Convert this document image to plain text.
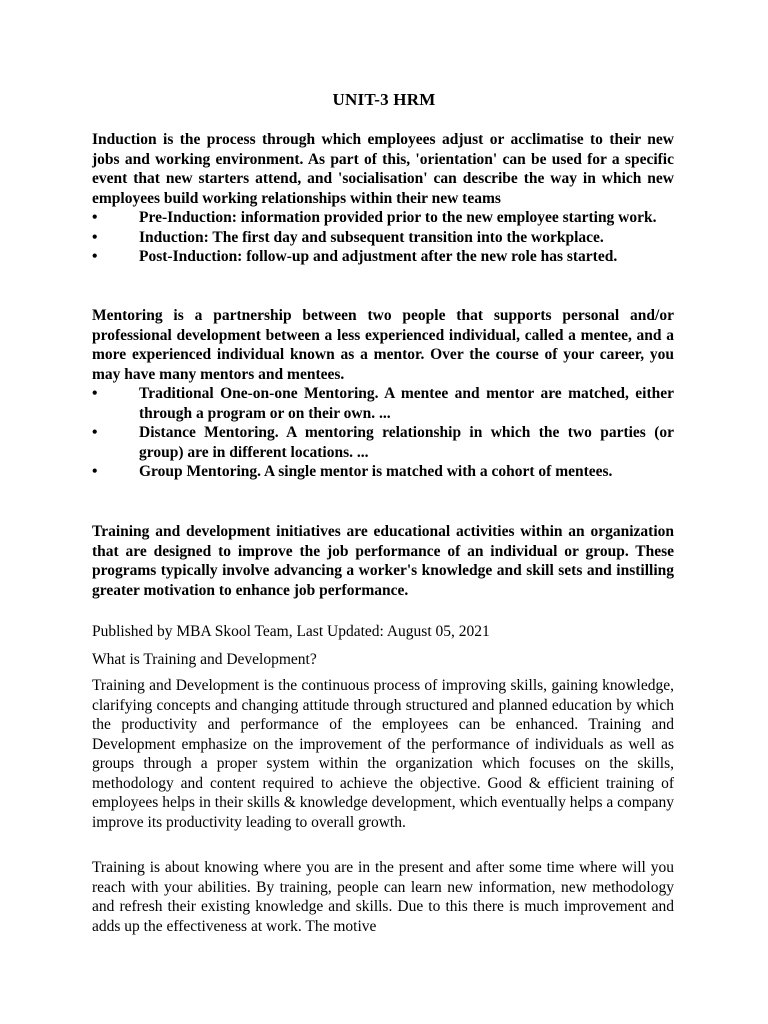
UNIT-3 HRM

Induction is the process through which employees adjust or acclimatise to their new jobs and working environment. As part of this, 'orientation' can be used for a specific event that new starters attend, and 'socialisation' can describe the way in which new employees build working relationships within their new teams

•	Pre-Induction: information provided prior to the new employee starting work.
•	Induction: The first day and subsequent transition into the workplace.
•	Post-Induction: follow-up and adjustment after the new role has started.

Mentoring is a partnership between two people that supports personal and/or professional development between a less experienced individual, called a mentee, and a more experienced individual known as a mentor. Over the course of your career, you may have many mentors and mentees.

•	Traditional One-on-one Mentoring. A mentee and mentor are matched, either through a program or on their own. ...
•	Distance Mentoring. A mentoring relationship in which the two parties (or group) are in different locations. ...
•	Group Mentoring. A single mentor is matched with a cohort of mentees.

Training and development initiatives are educational activities within an organization that are designed to improve the job performance of an individual or group. These programs typically involve advancing a worker's knowledge and skill sets and instilling greater motivation to enhance job performance.

Published by MBA Skool Team, Last Updated: August 05, 2021
What is Training and Development?

Training and Development is the continuous process of improving skills, gaining knowledge, clarifying concepts and changing attitude through structured and planned education by which the productivity and performance of the employees can be enhanced. Training and Development emphasize on the improvement of the performance of individuals as well as groups through a proper system within the organization which focuses on the skills, methodology and content required to achieve the objective. Good & efficient training of employees helps in their skills & knowledge development, which eventually helps a company improve its productivity leading to overall growth.

Training is about knowing where you are in the present and after some time where will you reach with your abilities. By training, people can learn new information, new methodology and refresh their existing knowledge and skills. Due to this there is much improvement and adds up the effectiveness at work. The motive
